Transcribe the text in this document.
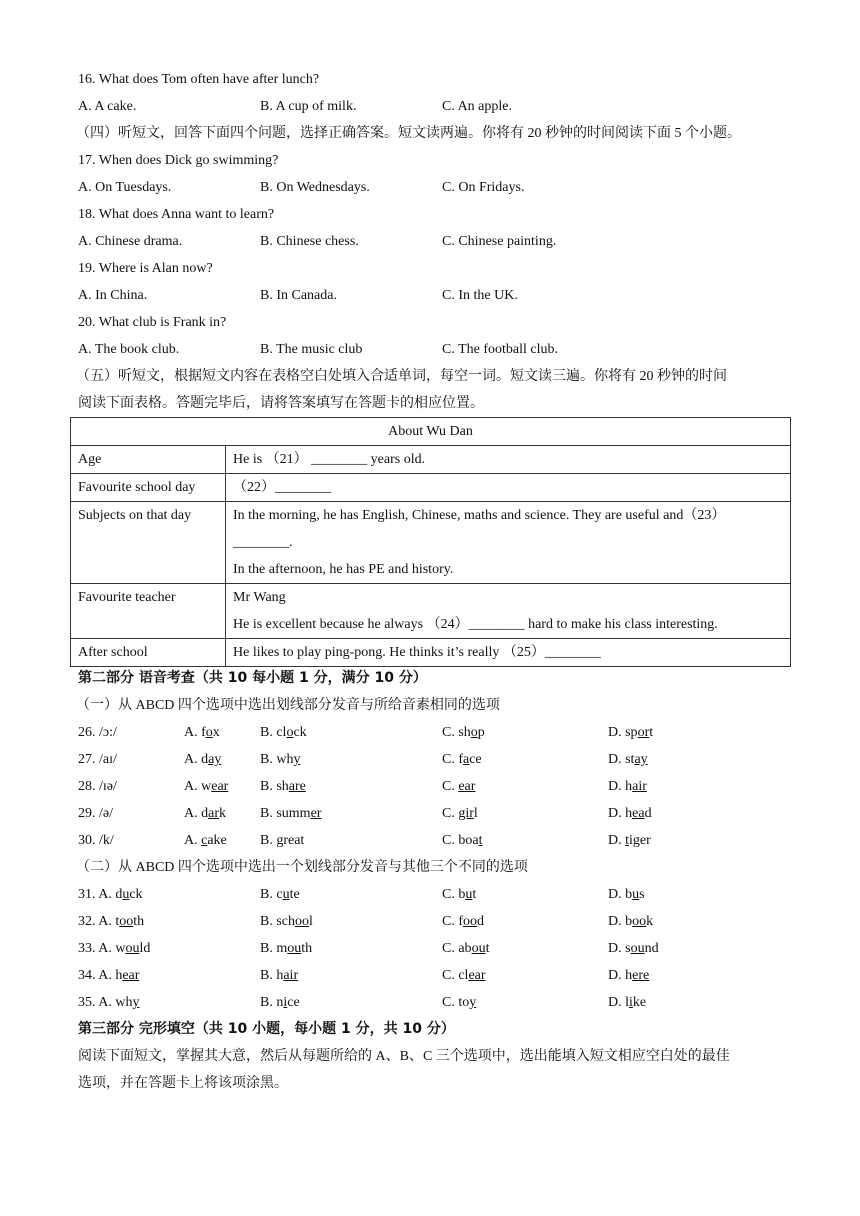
16. What does Tom often have after lunch?
A. A cake.	B. A cup of milk.	C. An apple.
（四）听短文，回答下面四个问题，选择正确答案。短文读两遍。你将有 20 秒钟的时间阅读下面 5 个小题。
17. When does Dick go swimming?
A. On Tuesdays.	B. On Wednesdays.	C. On Fridays.
18. What does Anna want to learn?
A. Chinese drama.	B. Chinese chess.	C. Chinese painting.
19. Where is Alan now?
A. In China.	B. In Canada.	C. In the UK.
20. What club is Frank in?
A. The book club.	B. The music club	C. The football club.
（五）听短文，根据短文内容在表格空白处填入合适单词，每空一词。短文读三遍。你将有 20 秒钟的时间
阅读下面表格。答题完毕后，请将答案填写在答题卡的相应位置。
About Wu Dan	
Age	He is （21） ________ years old.

Favourite school day	（22）________

Subjects on that day	In the morning, he has English, Chinese, maths and science. They are useful and（23）
________.
In the afternoon, he has PE and history.

Favourite teacher	Mr Wang
He is excellent because he always （24）________ hard to make his class interesting.

After school	He likes to play ping-pong. He thinks it’s really （25）________
第二部分 语音考查（共 10 每小题 1 分，满分 10 分）
（一）从 ABCD 四个选项中选出划线部分发音与所给音素相同的选项
26. /ɔ:/	A. fox	B. clock	C. shop	D. sport
27. /aɪ/	A. day	B. why	C. face	D. stay
28. /ɪə/	A. wear B. share	C. ear	D. hair
29. /ə/	A. dark B. summer	C. girl	D. head
30. /k/	A. cake B. great	C. boat	D. tiger
（二）从 ABCD 四个选项中选出一个划线部分发音与其他三个不同的选项
31. A. duck	B. cute	C. but	D. bus
32. A. tooth	B. school	C. food	D. book
33. A. would	B. mouth	C. about	D. sound
34. A. hear	B. hair	C. clear	D. here
35. A. why	B. nice	C. toy	D. like
第三部分 完形填空（共 10 小题，每小题 1 分，共 10 分）
阅读下面短文，掌握其大意，然后从每题所给的 A、B、C 三个选项中，选出能填入短文相应空白处的最佳
选项，并在答题卡上将该项涂黑。
